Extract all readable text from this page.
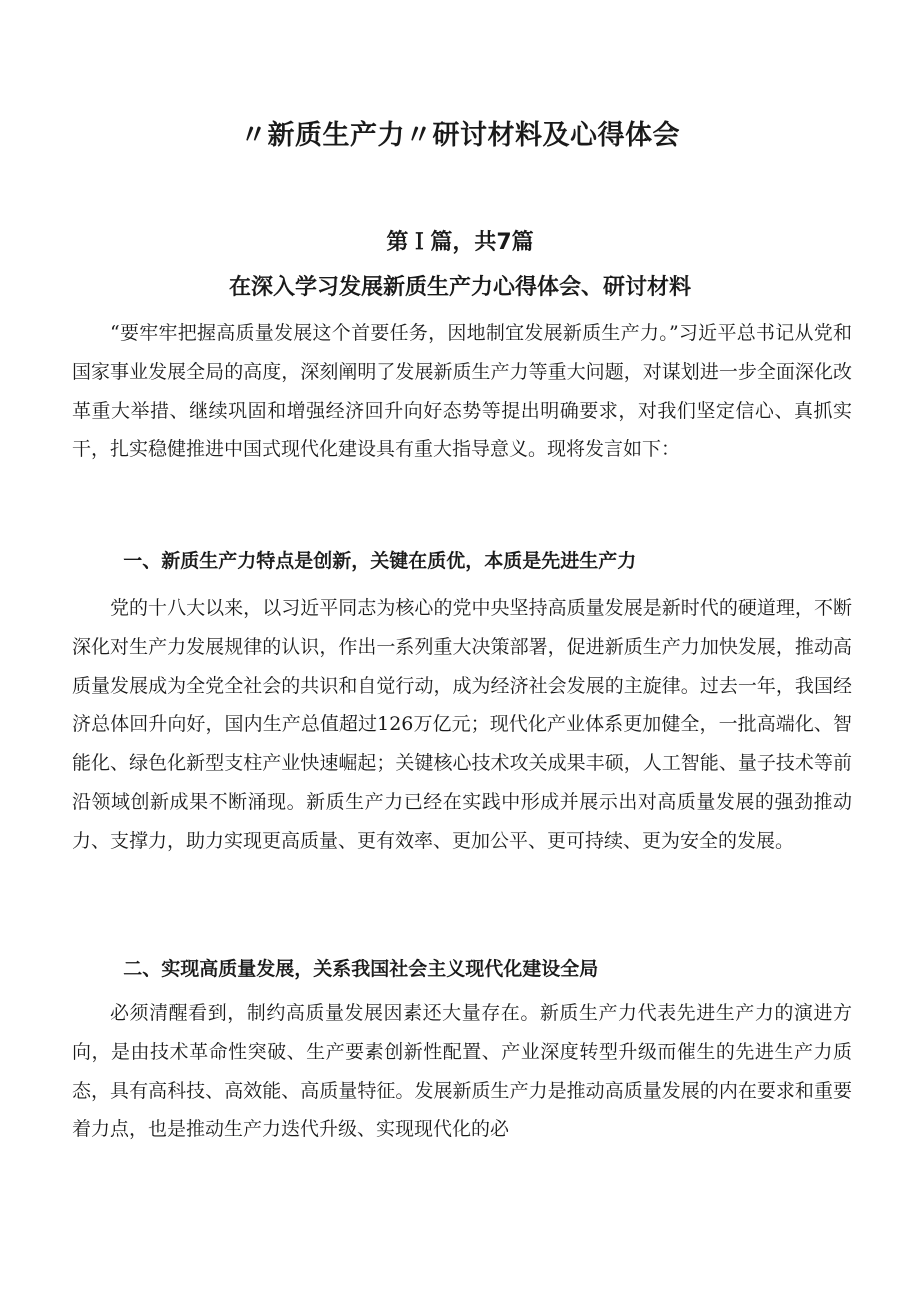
〃新质生产力〃研讨材料及心得体会
第Ｉ篇，共7篇
在深入学习发展新质生产力心得体会、研讨材料

“要牢牢把握高质量发展这个首要任务，因地制宜发展新质生产力。”习近平总书记从党和国家事业发展全局的高度，深刻阐明了发展新质生产力等重大问题，对谋划进一步全面深化改革重大举措、继续巩固和增强经济回升向好态势等提出明确要求，对我们坚定信心、真抓实干，扎实稳健推进中国式现代化建设具有重大指导意义。现将发言如下：

一、新质生产力特点是创新，关键在质优，本质是先进生产力

党的十八大以来，以习近平同志为核心的党中央坚持高质量发展是新时代的硬道理，不断深化对生产力发展规律的认识，作出一系列重大决策部署，促进新质生产力加快发展，推动高质量发展成为全党全社会的共识和自觉行动，成为经济社会发展的主旋律。过去一年，我国经济总体回升向好，国内生产总值超过126万亿元；现代化产业体系更加健全，一批高端化、智能化、绿色化新型支柱产业快速崛起；关键核心技术攻关成果丰硕，人工智能、量子技术等前沿领域创新成果不断涌现。新质生产力已经在实践中形成并展示出对高质量发展的强劲推动力、支撑力，助力实现更高质量、更有效率、更加公平、更可持续、更为安全的发展。

二、实现高质量发展，关系我国社会主义现代化建设全局

必须清醒看到，制约高质量发展因素还大量存在。新质生产力代表先进生产力的演进方向，是由技术革命性突破、生产要素创新性配置、产业深度转型升级而催生的先进生产力质态，具有高科技、高效能、高质量特征。发展新质生产力是推动高质量发展的内在要求和重要着力点，也是推动生产力迭代升级、实现现代化的必
